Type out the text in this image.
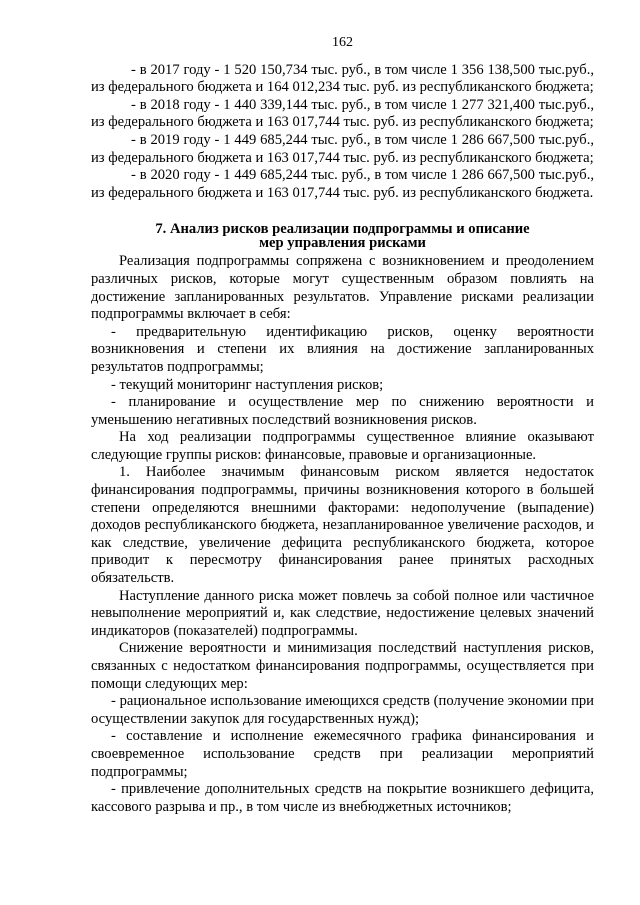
162

- в 2017 году - 1 520 150,734 тыс. руб., в том числе 1 356 138,500 тыс.руб., из федерального бюджета и 164 012,234 тыс. руб. из республиканского бюджета;

- в 2018 году - 1 440 339,144 тыс. руб., в том числе 1 277 321,400 тыс.руб., из федерального бюджета и 163 017,744 тыс. руб. из республиканского бюджета;

- в 2019 году - 1 449 685,244 тыс. руб., в том числе 1 286 667,500 тыс.руб., из федерального бюджета и 163 017,744 тыс. руб. из республиканского бюджета;

- в 2020 году - 1 449 685,244 тыс. руб., в том числе 1 286 667,500 тыс.руб., из федерального бюджета и 163 017,744 тыс. руб. из республиканского бюджета.

7. Анализ рисков реализации подпрограммы и описание
мер управления рисками

Реализация подпрограммы сопряжена с возникновением и преодолением различных рисков, которые могут существенным образом повлиять на достижение запланированных результатов. Управление рисками реализации подпрограммы включает в себя:

- предварительную идентификацию рисков, оценку вероятности возникновения и степени их влияния на достижение запланированных результатов подпрограммы;

- текущий мониторинг наступления рисков;

- планирование и осуществление мер по снижению вероятности и уменьшению негативных последствий возникновения рисков.

На ход реализации подпрограммы существенное влияние оказывают следующие группы рисков: финансовые, правовые и организационные.

1. Наиболее значимым финансовым риском является недостаток финансирования подпрограммы, причины возникновения которого в большей степени определяются внешними факторами: недополучение (выпадение) доходов республиканского бюджета, незапланированное увеличение расходов, и как следствие, увеличение дефицита республиканского бюджета, которое приводит к пересмотру финансирования ранее принятых расходных обязательств.

Наступление данного риска может повлечь за собой полное или частичное невыполнение мероприятий и, как следствие, недостижение целевых значений индикаторов (показателей) подпрограммы.

Снижение вероятности и минимизация последствий наступления рисков, связанных с недостатком финансирования подпрограммы, осуществляется при помощи следующих мер:

- рациональное использование имеющихся средств (получение экономии при осуществлении закупок для государственных нужд);

- составление и исполнение ежемесячного графика финансирования и своевременное использование средств при реализации мероприятий подпрограммы;

- привлечение дополнительных средств на покрытие возникшего дефицита, кассового разрыва и пр., в том числе из внебюджетных источников;
